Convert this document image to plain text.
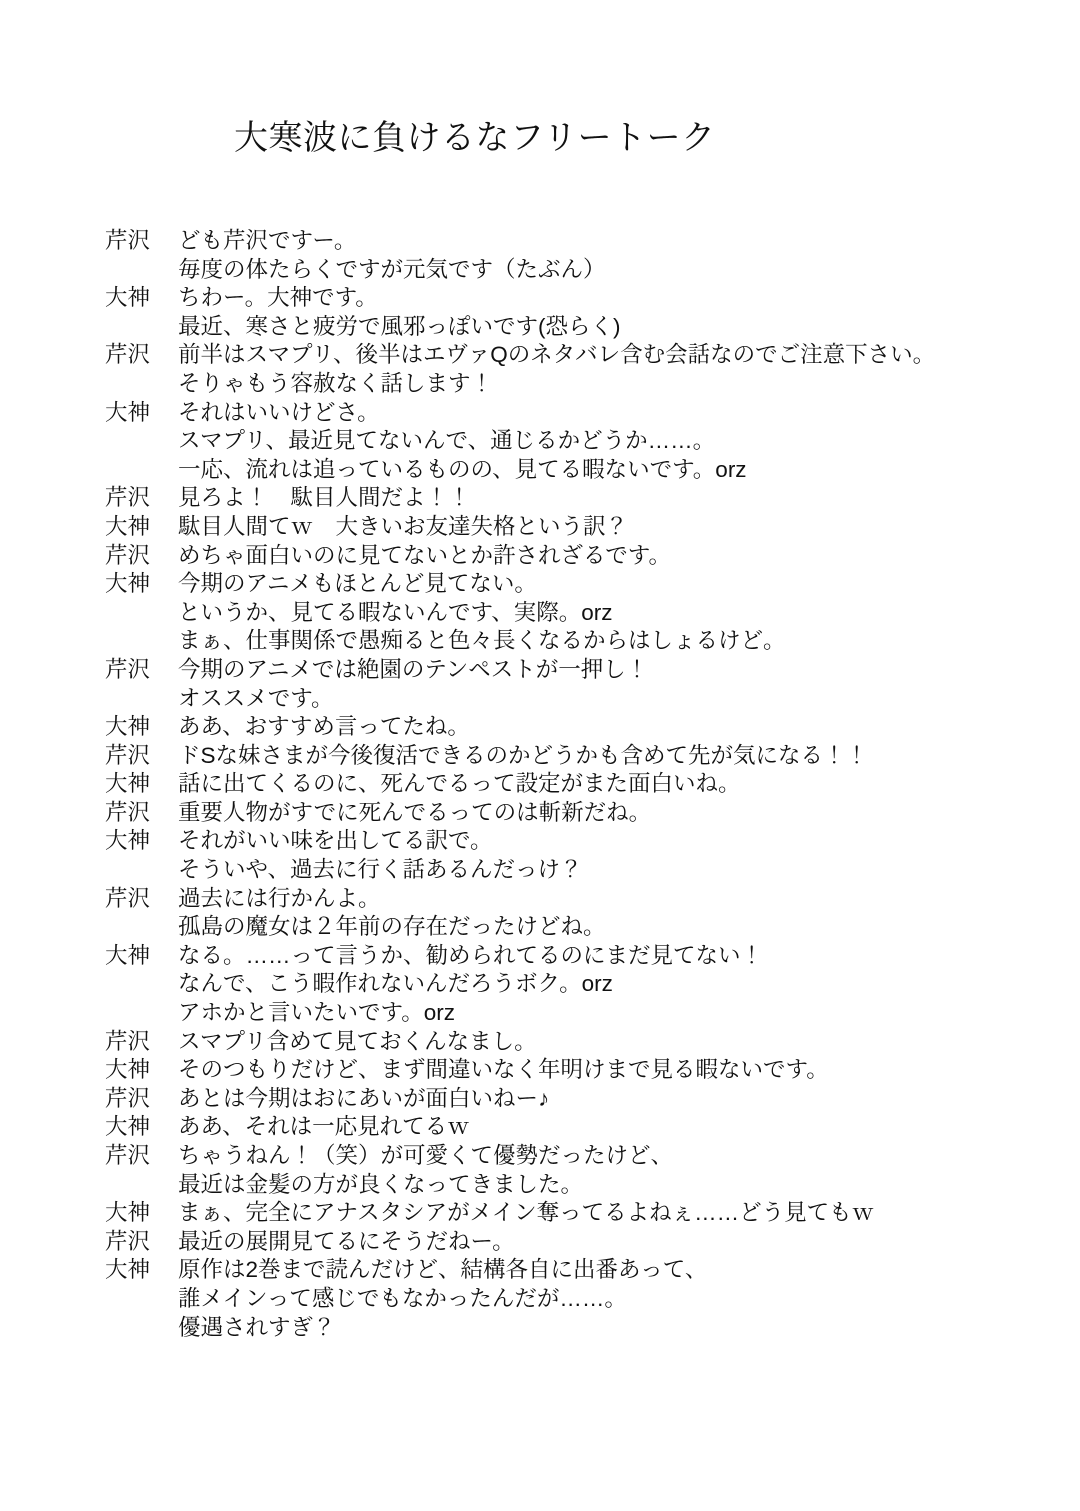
大寒波に負けるなフリートーク
芹沢	ども芹沢ですー。
毎度の体たらくですが元気です（たぶん）
大神	ちわー。大神です。
最近、寒さと疲労で風邪っぽいです(恐らく)
芹沢	前半はスマプリ、後半はエヴァQのネタバレ含む会話なのでご注意下さい。
そりゃもう容赦なく話します！
大神	それはいいけどさ。
スマプリ、最近見てないんで、通じるかどうか……。
一応、流れは追っているものの、見てる暇ないです。orz
芹沢	見ろよ！　駄目人間だよ！！
大神	駄目人間てｗ　大きいお友達失格という訳？
芹沢	めちゃ面白いのに見てないとか許されざるです。
大神	今期のアニメもほとんど見てない。
というか、見てる暇ないんです、実際。orz
まぁ、仕事関係で愚痴ると色々長くなるからはしょるけど。
芹沢	今期のアニメでは絶園のテンペストが一押し！
オススメです。
大神	ああ、おすすめ言ってたね。
芹沢	ドSな妹さまが今後復活できるのかどうかも含めて先が気になる！！
大神	話に出てくるのに、死んでるって設定がまた面白いね。
芹沢	重要人物がすでに死んでるってのは斬新だね。
大神	それがいい味を出してる訳で。
そういや、過去に行く話あるんだっけ？
芹沢	過去には行かんよ。
孤島の魔女は２年前の存在だったけどね。
大神	なる。……って言うか、勧められてるのにまだ見てない！
なんで、こう暇作れないんだろうボク。orz
アホかと言いたいです。orz
芹沢	スマプリ含めて見ておくんなまし。
大神	そのつもりだけど、まず間違いなく年明けまで見る暇ないです。
芹沢	あとは今期はおにあいが面白いねー♪
大神	ああ、それは一応見れてるｗ
芹沢	ちゃうねん！（笑）が可愛くて優勢だったけど、
最近は金髪の方が良くなってきました。
大神	まぁ、完全にアナスタシアがメイン奪ってるよねぇ……どう見てもｗ
芹沢	最近の展開見てるにそうだねー。
大神	原作は2巻まで読んだけど、結構各自に出番あって、
誰メインって感じでもなかったんだが……。
優遇されすぎ？
